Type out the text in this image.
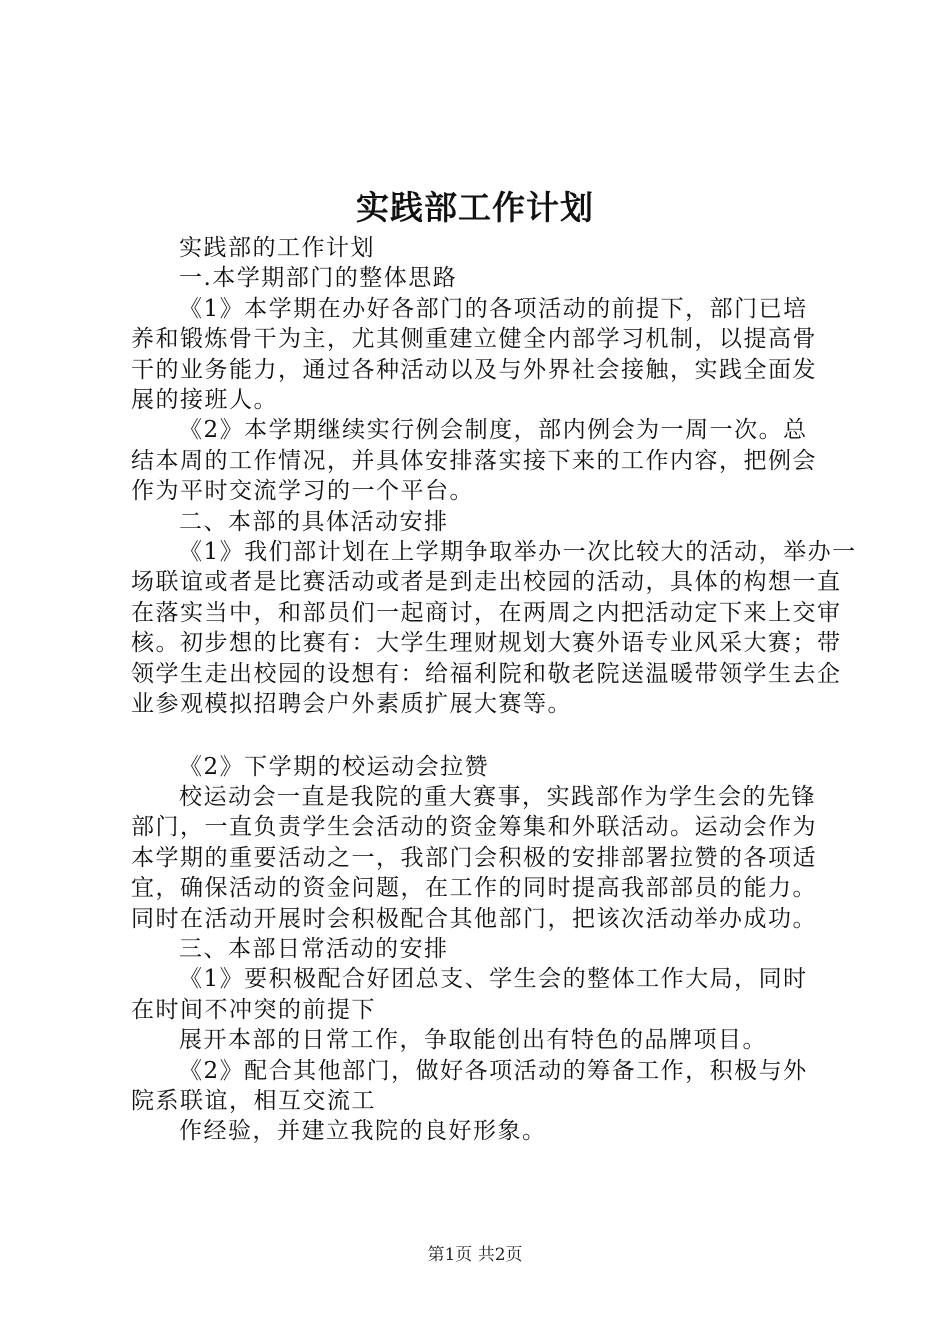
实践部工作计划

实践部的工作计划

一.本学期部门的整体思路

《1》本学期在办好各部门的各项活动的前提下，部门已培养和锻炼骨干为主，尤其侧重建立健全内部学习机制，以提高骨干的业务能力，通过各种活动以及与外界社会接触，实践全面发展的接班人。

《2》本学期继续实行例会制度，部内例会为一周一次。总结本周的工作情况，并具体安排落实接下来的工作内容，把例会作为平时交流学习的一个平台。

二、本部的具体活动安排

《1》我们部计划在上学期争取举办一次比较大的活动，举办一场联谊或者是比赛活动或者是到走出校园的活动，具体的构想一直在落实当中，和部员们一起商讨，在两周之内把活动定下来上交审核。初步想的比赛有：大学生理财规划大赛外语专业风采大赛；带领学生走出校园的设想有：给福利院和敬老院送温暖带领学生去企业参观模拟招聘会户外素质扩展大赛等。

《2》下学期的校运动会拉赞

校运动会一直是我院的重大赛事，实践部作为学生会的先锋部门，一直负责学生会活动的资金筹集和外联活动。运动会作为本学期的重要活动之一，我部门会积极的安排部署拉赞的各项适宜，确保活动的资金问题，在工作的同时提高我部部员的能力。同时在活动开展时会积极配合其他部门，把该次活动举办成功。

三、本部日常活动的安排

《1》要积极配合好团总支、学生会的整体工作大局，同时在时间不冲突的前提下

展开本部的日常工作，争取能创出有特色的品牌项目。

《2》配合其他部门，做好各项活动的筹备工作，积极与外院系联谊，相互交流工

作经验，并建立我院的良好形象。

第1页 共2页
